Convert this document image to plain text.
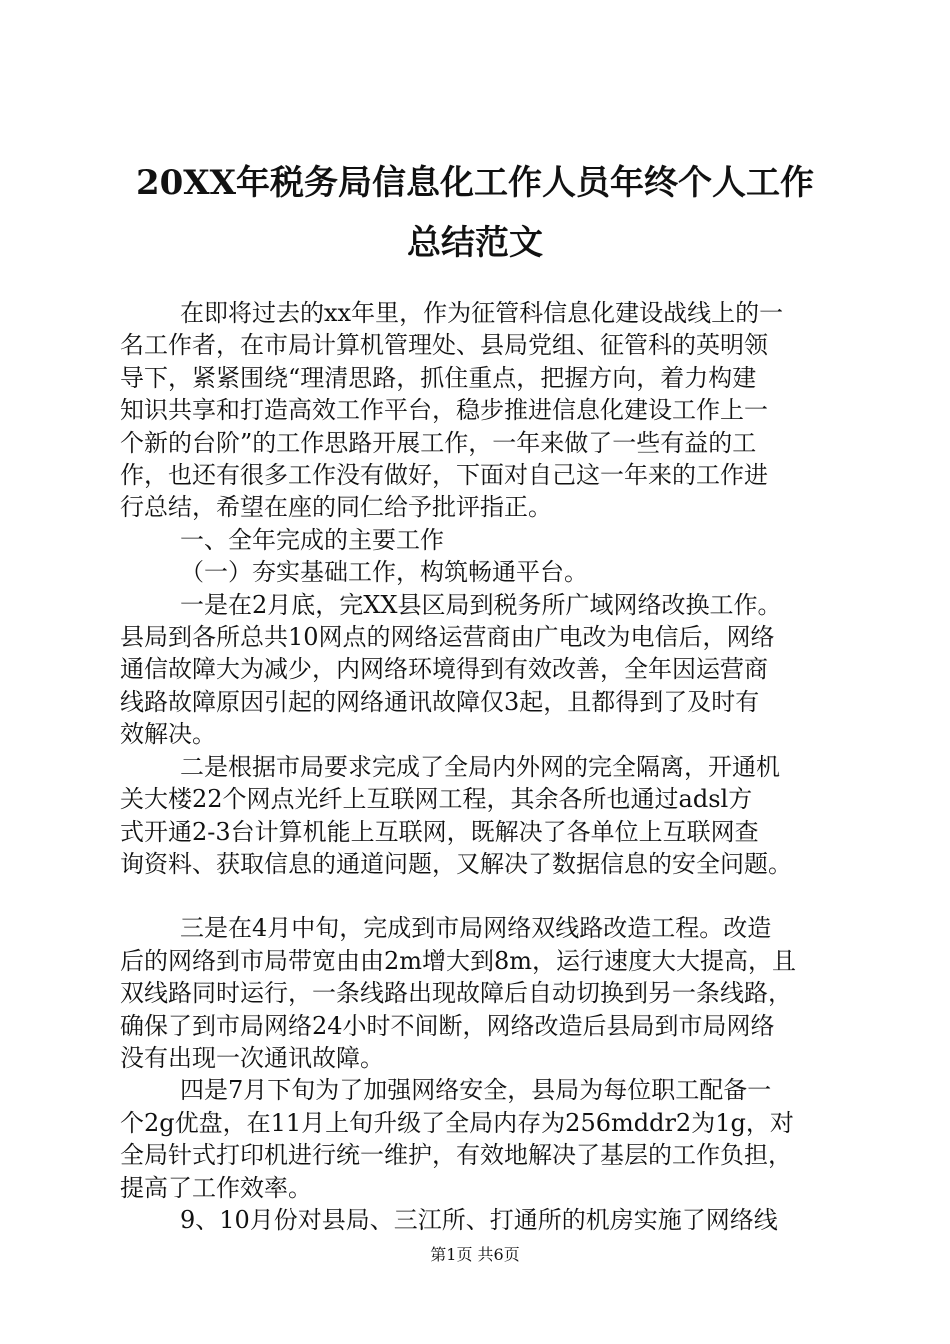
20XX年税务局信息化工作人员年终个人工作
总结范文

在即将过去的xx年里，作为征管科信息化建设战线上的一

名工作者，在市局计算机管理处、县局党组、征管科的英明领

导下，紧紧围绕“理清思路，抓住重点，把握方向，着力构建

知识共享和打造高效工作平台，稳步推进信息化建设工作上一

个新的台阶”的工作思路开展工作，一年来做了一些有益的工

作，也还有很多工作没有做好，下面对自己这一年来的工作进

行总结，希望在座的同仁给予批评指正。

一、全年完成的主要工作

（一）夯实基础工作，构筑畅通平台。

一是在2月底，完XX县区局到税务所广域网络改换工作。

县局到各所总共10网点的网络运营商由广电改为电信后，网络

通信故障大为减少，内网络环境得到有效改善，全年因运营商

线路故障原因引起的网络通讯故障仅3起，且都得到了及时有

效解决。

二是根据市局要求完成了全局内外网的完全隔离，开通机

关大楼22个网点光纤上互联网工程，其余各所也通过adsl方

式开通2-3台计算机能上互联网，既解决了各单位上互联网查

询资料、获取信息的通道问题，又解决了数据信息的安全问题。

三是在4月中旬，完成到市局网络双线路改造工程。改造

后的网络到市局带宽由由2m增大到8m，运行速度大大提高，且

双线路同时运行，一条线路出现故障后自动切换到另一条线路，

确保了到市局网络24小时不间断，网络改造后县局到市局网络

没有出现一次通讯故障。

四是7月下旬为了加强网络安全，县局为每位职工配备一

个2g优盘，在11月上旬升级了全局内存为256mddr2为1g，对

全局针式打印机进行统一维护，有效地解决了基层的工作负担，

提高了工作效率。

9、10月份对县局、三江所、打通所的机房实施了网络线

第1页 共6页
